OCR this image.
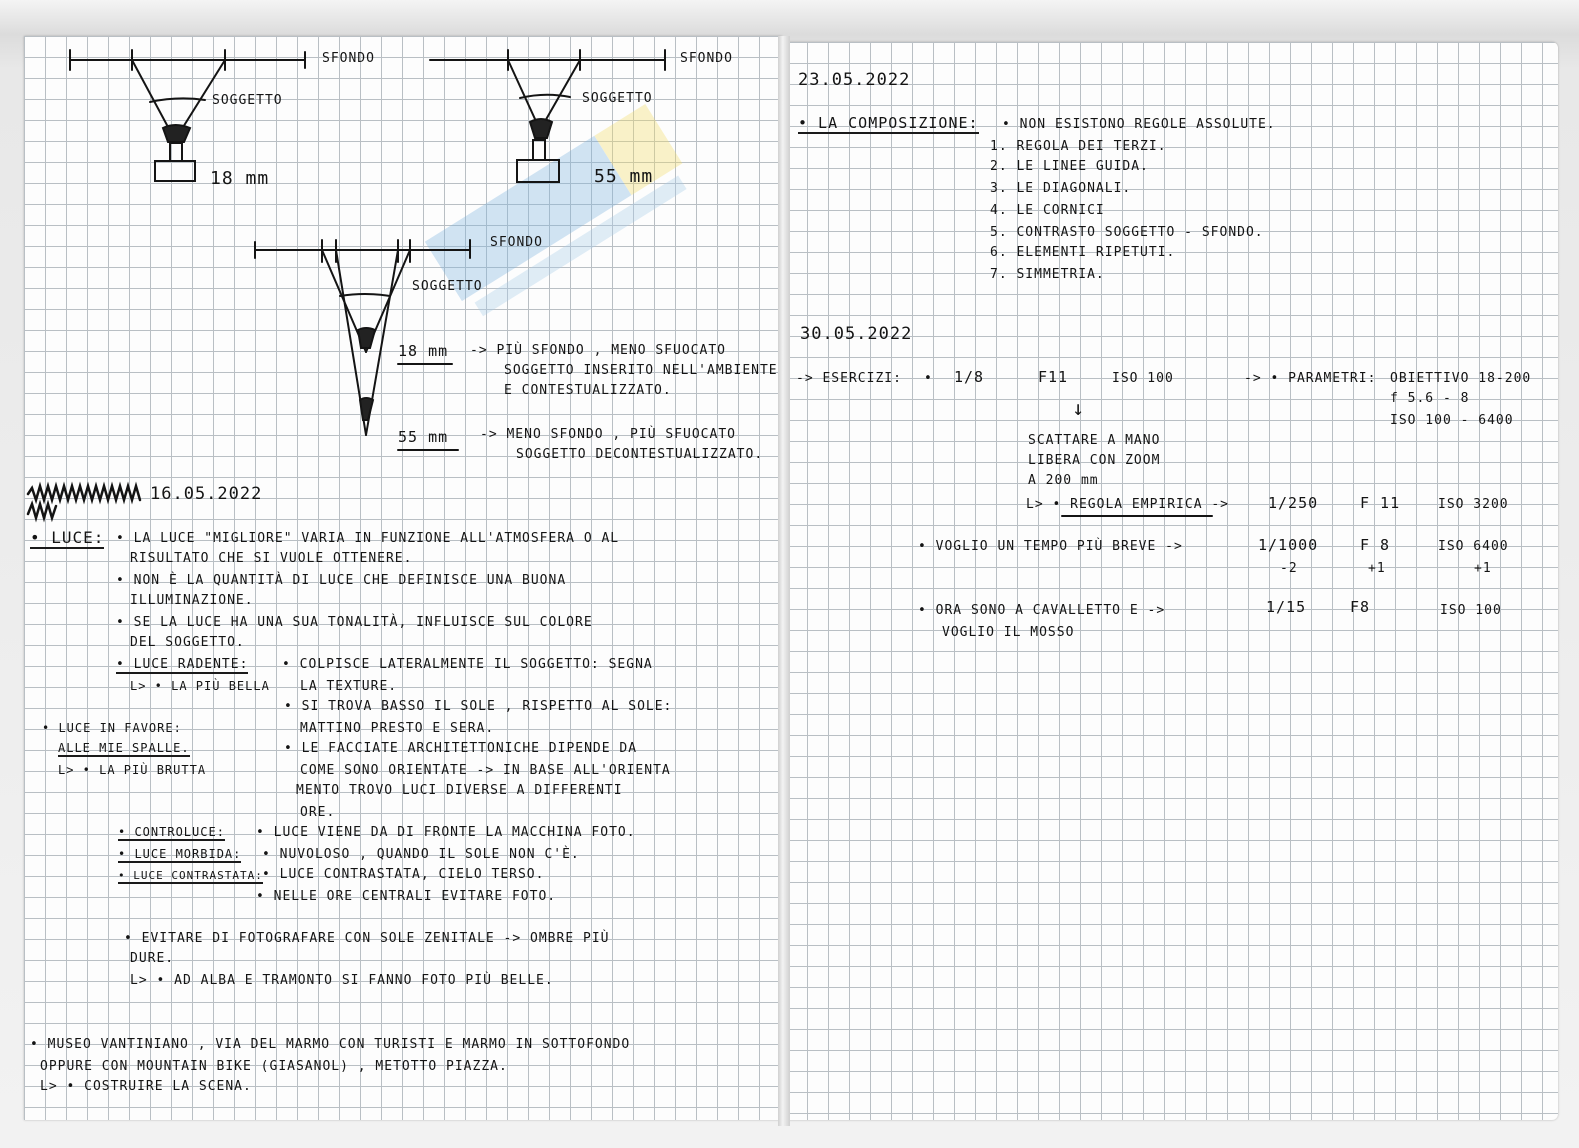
SFONDO
SOGGETTO
18 mm
SFONDO
SOGGETTO
55 mm
SFONDO
SOGGETTO
18 mm -> PIÙ SFONDO , MENO SFUOCATO
SOGGETTO INSERITO NELL'AMBIENTE
E CONTESTUALIZZATO.
55 mm -> MENO SFONDO , PIÙ SFUOCATO
SOGGETTO DECONTESTUALIZZATO.
16.05.2022
• LUCE: • LA LUCE "MIGLIORE" VARIA IN FUNZIONE ALL'ATMOSFERA O AL
RISULTATO CHE SI VUOLE OTTENERE.
• NON È LA QUANTITÀ DI LUCE CHE DEFINISCE UNA BUONA
ILLUMINAZIONE.
• SE LA LUCE HA UNA SUA TONALITÀ, INFLUISCE SUL COLORE
DEL SOGGETTO.
• LUCE RADENTE:
L> • LA PIÙ BELLA
• COLPISCE LATERALMENTE IL SOGGETTO: SEGNA
LA TEXTURE.
• SI TROVA BASSO IL SOLE , RISPETTO AL SOLE:
MATTINO PRESTO E SERA.
• LE FACCIATE ARCHITETTONICHE DIPENDE DA
COME SONO ORIENTATE -> IN BASE ALL'ORIENTA
MENTO TROVO LUCI DIVERSE A DIFFERENTI
ORE.
• LUCE IN FAVORE:
ALLE MIE SPALLE.
L> • LA PIÙ BRUTTA
• CONTROLUCE: • LUCE VIENE DA DI FRONTE LA MACCHINA FOTO.
• LUCE MORBIDA: • NUVOLOSO , QUANDO IL SOLE NON C'È.
• LUCE CONTRASTATA: • LUCE CONTRASTATA, CIELO TERSO.
• NELLE ORE CENTRALI EVITARE FOTO.
• EVITARE DI FOTOGRAFARE CON SOLE ZENITALE -> OMBRE PIÙ
DURE.
L> • AD ALBA E TRAMONTO SI FANNO FOTO PIÙ BELLE.
• MUSEO VANTINIANO , VIA DEL MARMO CON TURISTI E MARMO IN SOTTOFONDO
OPPURE CON MOUNTAIN BIKE (GIASANOL) , METOTTO PIAZZA.
L> • COSTRUIRE LA SCENA.
23.05.2022
• LA COMPOSIZIONE: • NON ESISTONO REGOLE ASSOLUTE.
1. REGOLA DEI TERZI.
2. LE LINEE GUIDA.
3. LE DIAGONALI.
4. LE CORNICI
5. CONTRASTO SOGGETTO - SFONDO.
6. ELEMENTI RIPETUTI.
7. SIMMETRIA.
30.05.2022
-> ESERCIZI: • 1/8	F11	ISO 100	-> • PARAMETRI: OBIETTIVO 18-200
f 5.6 - 8
ISO 100 - 6400
↓
SCATTARE A MANO
LIBERA CON ZOOM
A 200 mm
L> • REGOLA EMPIRICA ->	1/250	F 11	ISO 3200
• VOGLIO UN TEMPO PIÙ BREVE ->	1/1000	F 8	ISO 6400
-2	+1	+1
• ORA SONO A CAVALLETTO E ->
VOGLIO IL MOSSO
1/15	F8	ISO 100
